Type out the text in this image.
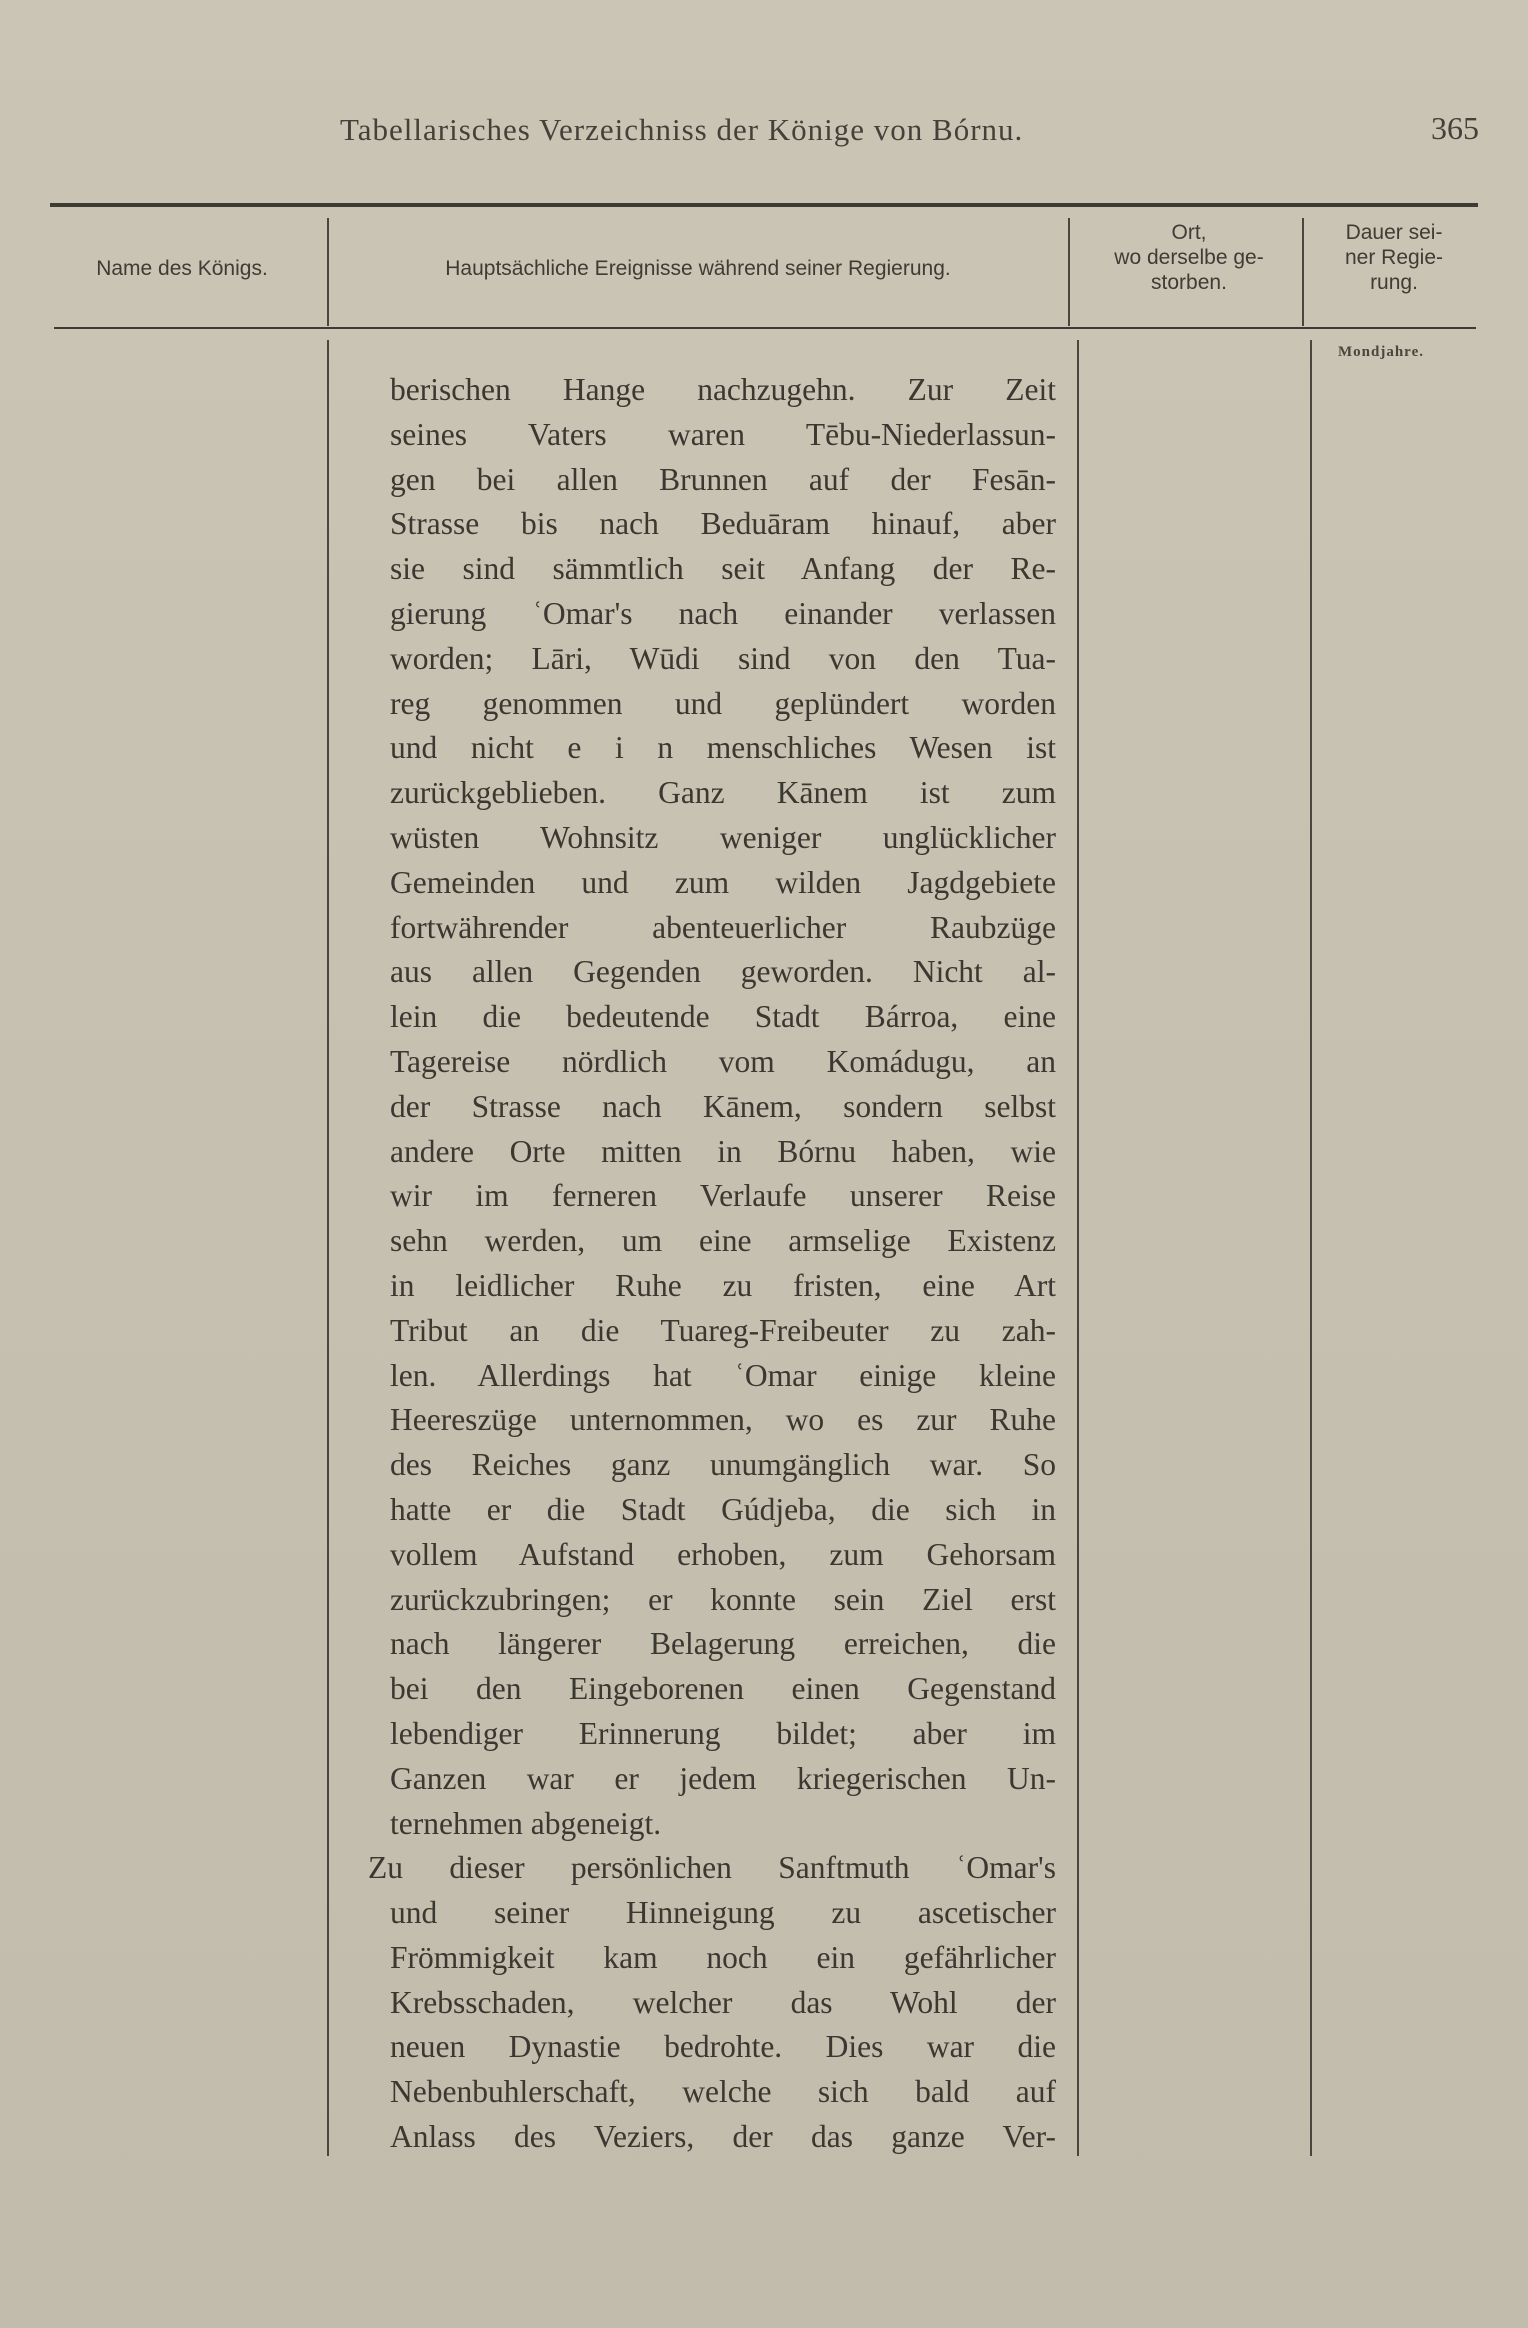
Tabellarisches Verzeichniss der Könige von Bórnu.	365
Name des Königs.	Hauptsächliche Ereignisse während seiner Regierung.
Ort,
wo derselbe ge-
storben.
Dauer sei-
ner Regie-
rung.
Mondjahre.
berischen Hange nachzugehn. Zur Zeit
seines Vaters waren Tēbu-Niederlassun-
gen bei allen Brunnen auf der Fesān-
Strasse bis nach Beduāram hinauf, aber
sie sind sämmtlich seit Anfang der Re-
gierung ʿOmar's nach einander verlassen
worden; Lāri, Wūdi sind von den Tua-
reg genommen und geplündert worden
und nicht e i n menschliches Wesen ist
zurückgeblieben. Ganz Kānem ist zum
wüsten Wohnsitz weniger unglücklicher
Gemeinden und zum wilden Jagdgebiete
fortwährender abenteuerlicher Raubzüge
aus allen Gegenden geworden. Nicht al-
lein die bedeutende Stadt Bárroa, eine
Tagereise nördlich vom Komádugu, an
der Strasse nach Kānem, sondern selbst
andere Orte mitten in Bórnu haben, wie
wir im ferneren Verlaufe unserer Reise
sehn werden, um eine armselige Existenz
in leidlicher Ruhe zu fristen, eine Art
Tribut an die Tuareg-Freibeuter zu zah-
len. Allerdings hat ʿOmar einige kleine
Heereszüge unternommen, wo es zur Ruhe
des Reiches ganz unumgänglich war. So
hatte er die Stadt Gúdjeba, die sich in
vollem Aufstand erhoben, zum Gehorsam
zurückzubringen; er konnte sein Ziel erst
nach längerer Belagerung erreichen, die
bei den Eingeborenen einen Gegenstand
lebendiger Erinnerung bildet; aber im
Ganzen war er jedem kriegerischen Un-
ternehmen abgeneigt.
Zu dieser persönlichen Sanftmuth ʿOmar's
und seiner Hinneigung zu ascetischer
Frömmigkeit kam noch ein gefährlicher
Krebsschaden, welcher das Wohl der
neuen Dynastie bedrohte. Dies war die
Nebenbuhlerschaft, welche sich bald auf
Anlass des Veziers, der das ganze Ver-
